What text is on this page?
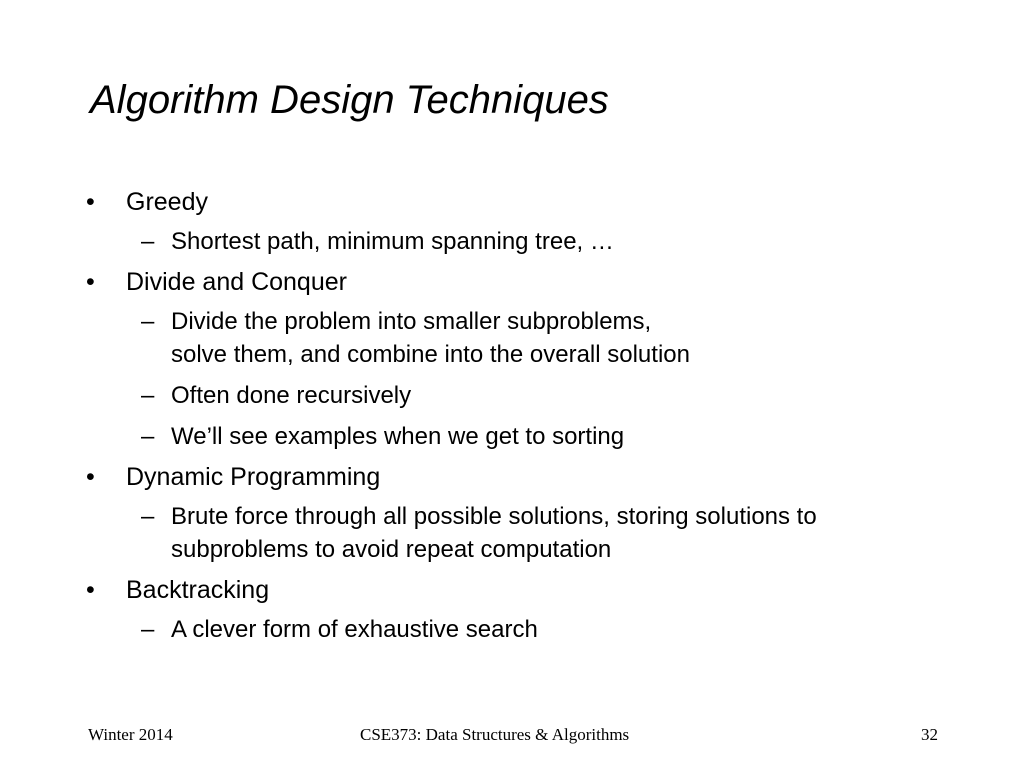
Algorithm Design Techniques
• Greedy
– Shortest path, minimum spanning tree, …
• Divide and Conquer
– Divide the problem into smaller subproblems,
solve them, and combine into the overall solution
– Often done recursively
– We’ll see examples when we get to sorting
• Dynamic Programming
– Brute force through all possible solutions, storing solutions to
subproblems to avoid repeat computation
• Backtracking
– A clever form of exhaustive search
Winter 2014	CSE373: Data Structures & Algorithms	32
